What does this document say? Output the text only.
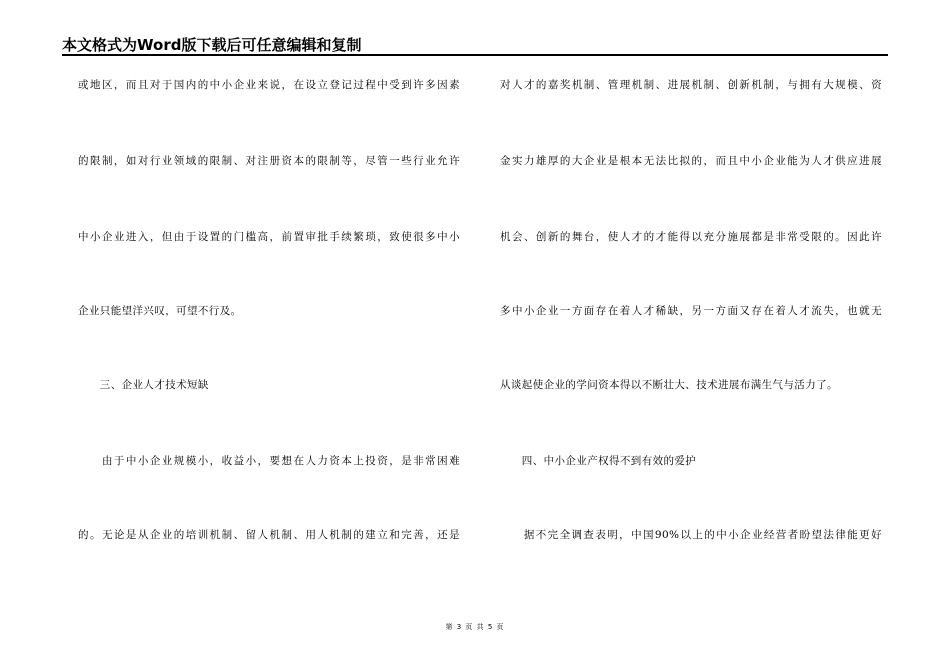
本文格式为Word版下载后可任意编辑和复制
或地区，而且对于国内的中小企业来说，在设立登记过程中受到许多因素
的限制，如对行业领域的限制、对注册资本的限制等，尽管一些行业允许
中小企业进入，但由于设置的门槛高，前置审批手续繁琐，致使很多中小
企业只能望洋兴叹，可望不行及。
　　三、企业人才技术短缺
　　由于中小企业规模小，收益小，要想在人力资本上投资，是非常困难
的。无论是从企业的培训机制、留人机制、用人机制的建立和完善，还是
对人才的嘉奖机制、管理机制、进展机制、创新机制，与拥有大规模、资
金实力雄厚的大企业是根本无法比拟的，而且中小企业能为人才供应进展
机会、创新的舞台，使人才的才能得以充分施展都是非常受限的。因此许
多中小企业一方面存在着人才稀缺，另一方面又存在着人才流失，也就无
从谈起使企业的学问资本得以不断壮大、技术进展布满生气与活力了。
　　四、中小企业产权得不到有效的爱护
　　据不完全调查表明，中国90%以上的中小企业经营者盼望法律能更好
第 3 页 共 5 页
